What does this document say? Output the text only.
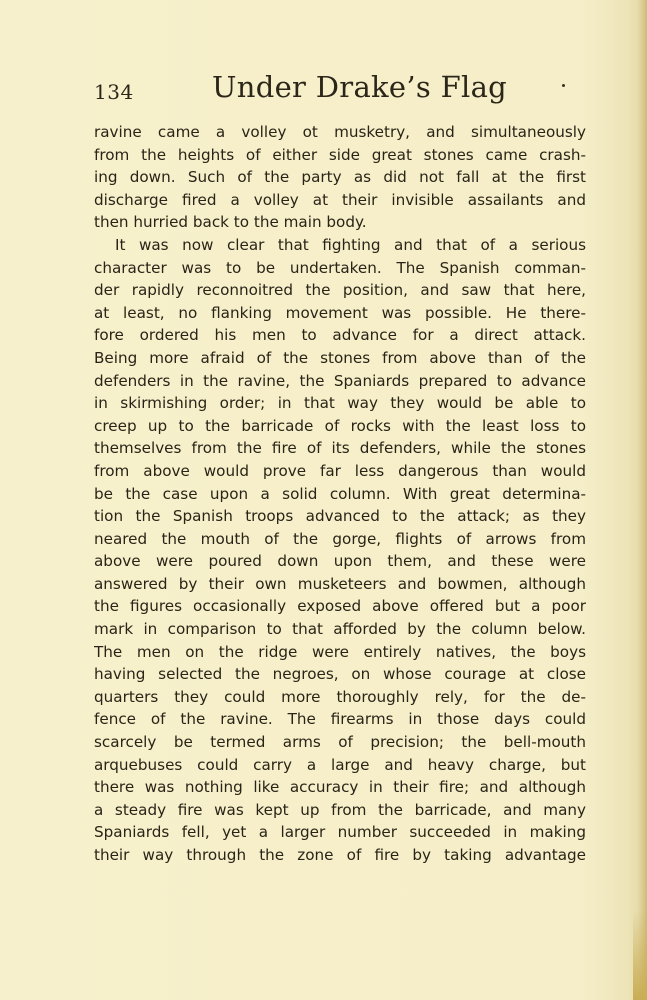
134	Under Drake’s Flag
ravine came a volley ot musketry, and simultaneously
from the heights of either side great stones came crash-
ing down. Such of the party as did not fall at the first
discharge fired a volley at their invisible assailants and
then hurried back to the main body.
It was now clear that fighting and that of a serious
character was to be undertaken. The Spanish comman-
der rapidly reconnoitred the position, and saw that here,
at least, no flanking movement was possible. He there-
fore ordered his men to advance for a direct attack.
Being more afraid of the stones from above than of the
defenders in the ravine, the Spaniards prepared to advance
in skirmishing order; in that way they would be able to
creep up to the barricade of rocks with the least loss to
themselves from the fire of its defenders, while the stones
from above would prove far less dangerous than would
be the case upon a solid column. With great determina-
tion the Spanish troops advanced to the attack; as they
neared the mouth of the gorge, flights of arrows from
above were poured down upon them, and these were
answered by their own musketeers and bowmen, although
the figures occasionally exposed above offered but a poor
mark in comparison to that afforded by the column below.
The men on the ridge were entirely natives, the boys
having selected the negroes, on whose courage at close
quarters they could more thoroughly rely, for the de-
fence of the ravine. The firearms in those days could
scarcely be termed arms of precision; the bell-mouth
arquebuses could carry a large and heavy charge, but
there was nothing like accuracy in their fire; and although
a steady fire was kept up from the barricade, and many
Spaniards fell, yet a larger number succeeded in making
their way through the zone of fire by taking advantage
